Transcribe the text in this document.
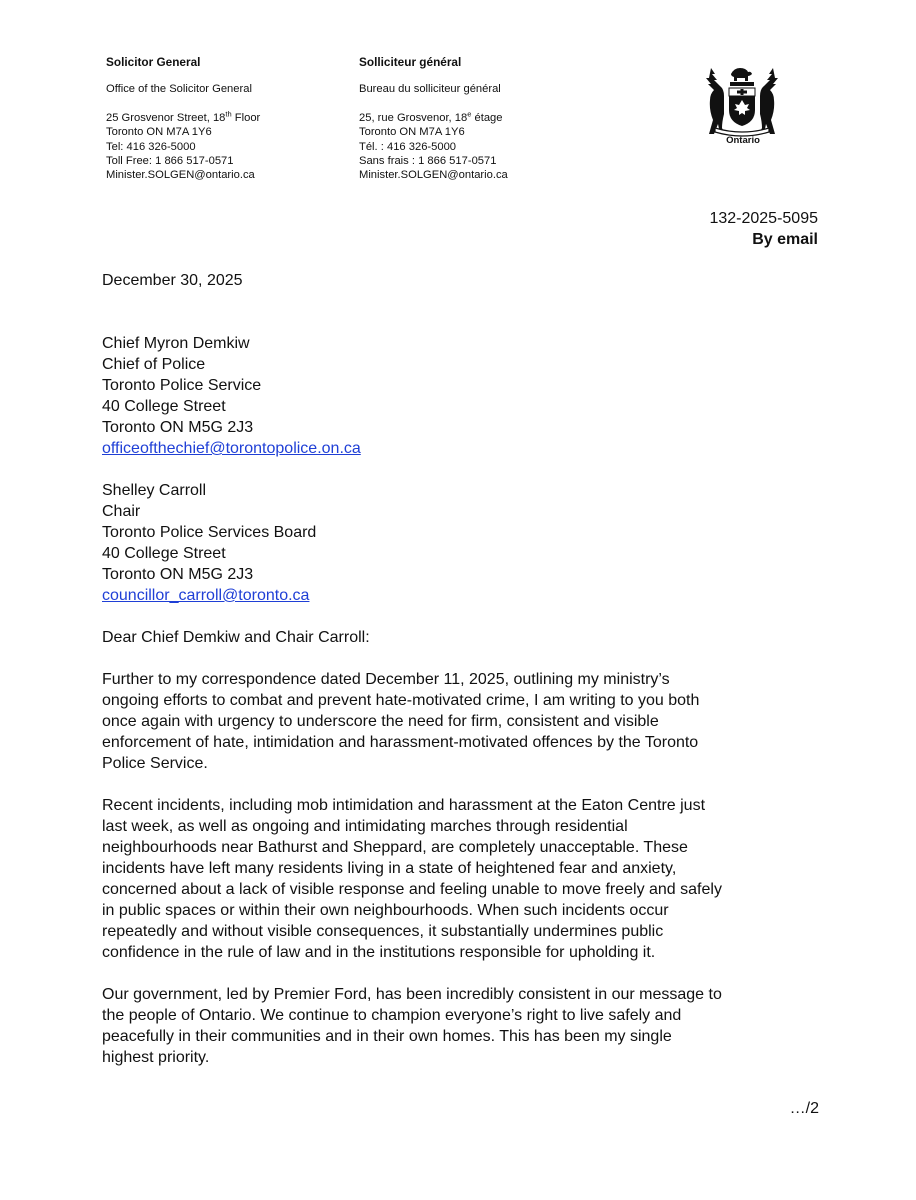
Solicitor General
Office of the Solicitor General
25 Grosvenor Street, 18th Floor
Toronto ON M7A 1Y6
Tel: 416 326-5000
Toll Free: 1 866 517-0571
Minister.SOLGEN@ontario.ca
Solliciteur général
Bureau du solliciteur général
25, rue Grosvenor, 18e étage
Toronto ON M7A 1Y6
Tél. : 416 326-5000
Sans frais : 1 866 517-0571
Minister.SOLGEN@ontario.ca
Ontario
132-2025-5095
By email
December 30, 2025
Chief Myron Demkiw
Chief of Police
Toronto Police Service
40 College Street
Toronto ON M5G 2J3
officeofthechief@torontopolice.on.ca
Shelley Carroll
Chair
Toronto Police Services Board
40 College Street
Toronto ON M5G 2J3
councillor_carroll@toronto.ca
Dear Chief Demkiw and Chair Carroll:
Further to my correspondence dated December 11, 2025, outlining my ministry’s
ongoing efforts to combat and prevent hate-motivated crime, I am writing to you both
once again with urgency to underscore the need for firm, consistent and visible
enforcement of hate, intimidation and harassment-motivated offences by the Toronto
Police Service.
Recent incidents, including mob intimidation and harassment at the Eaton Centre just
last week, as well as ongoing and intimidating marches through residential
neighbourhoods near Bathurst and Sheppard, are completely unacceptable. These
incidents have left many residents living in a state of heightened fear and anxiety,
concerned about a lack of visible response and feeling unable to move freely and safely
in public spaces or within their own neighbourhoods. When such incidents occur
repeatedly and without visible consequences, it substantially undermines public
confidence in the rule of law and in the institutions responsible for upholding it.
Our government, led by Premier Ford, has been incredibly consistent in our message to
the people of Ontario. We continue to champion everyone’s right to live safely and
peacefully in their communities and in their own homes. This has been my single
highest priority.
…/2
